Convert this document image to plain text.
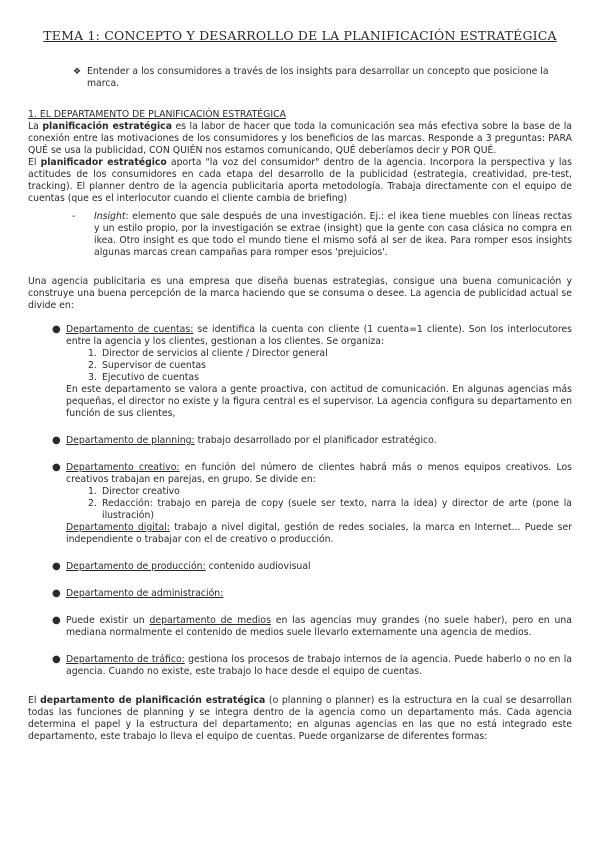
TEMA 1: CONCEPTO Y DESARROLLO DE LA PLANIFICACIÓN ESTRATÉGICA
❖ Entender a los consumidores a través de los insights para desarrollar un concepto que posicione la marca.

1. EL DEPARTAMENTO DE PLANIFICACIÓN ESTRATÉGICA

La planificación estratégica es la labor de hacer que toda la comunicación sea más efectiva sobre la base de la conexión entre las motivaciones de los consumidores y los beneficios de las marcas. Responde a 3 preguntas: PARA QUÉ se usa la publicidad, CON QUIÉN nos estamos comunicando, QUÉ deberíamos decir y POR QUÉ.

El planificador estratégico aporta "la voz del consumidor" dentro de la agencia. Incorpora la perspectiva y las actitudes de los consumidores en cada etapa del desarrollo de la publicidad (estrategia, creatividad, pre-test, tracking). El planner dentro de la agencia publicitaria aporta metodología. Trabaja directamente con el equipo de cuentas (que es el interlocutor cuando el cliente cambia de briefing)

-	Insight: elemento que sale después de una investigación. Ej.: el ikea tiene muebles con líneas rectas y un estilo propio, por la investigación se extrae (insight) que la gente con casa clásica no compra en ikea. Otro insight es que todo el mundo tiene el mismo sofá al ser de ikea. Para romper esos insights algunas marcas crean campañas para romper esos 'prejuicios'.

Una agencia publicitaria es una empresa que diseña buenas estrategias, consigue una buena comunicación y construye una buena percepción de la marca haciendo que se consuma o desee. La agencia de publicidad actual se divide en:

● Departamento de cuentas: se identifica la cuenta con cliente (1 cuenta=1 cliente). Son los interlocutores entre la agencia y los clientes, gestionan a los clientes. Se organiza:
1. Director de servicios al cliente / Director general
2. Supervisor de cuentas
3. Ejecutivo de cuentas
En este departamento se valora a gente proactiva, con actitud de comunicación. En algunas agencias más pequeñas, el director no existe y la figura central es el supervisor. La agencia configura su departamento en función de sus clientes,
● Departamento de planning: trabajo desarrollado por el planificador estratégico.
● Departamento creativo: en función del número de clientes habrá más o menos equipos creativos. Los creativos trabajan en parejas, en grupo. Se divide en:
1. Director creativo
2. Redacción: trabajo en pareja de copy (suele ser texto, narra la idea) y director de arte (pone la ilustración)
Departamento digital: trabajo a nivel digital, gestión de redes sociales, la marca en Internet... Puede ser independiente o trabajar con el de creativo o producción.
● Departamento de producción: contenido audiovisual
● Departamento de administración:
● Puede existir un departamento de medios en las agencias muy grandes (no suele haber), pero en una mediana normalmente el contenido de medios suele llevarlo externamente una agencia de medios.
● Departamento de tráfico: gestiona los procesos de trabajo internos de la agencia. Puede haberlo o no en la agencia. Cuando no existe, este trabajo lo hace desde el equipo de cuentas.

El departamento de planificación estratégica (o planning o planner) es la estructura en la cual se desarrollan todas las funciones de planning y se integra dentro de la agencia como un departamento más. Cada agencia determina el papel y la estructura del departamento; en algunas agencias en las que no está integrado este departamento, este trabajo lo lleva el equipo de cuentas. Puede organizarse de diferentes formas:
